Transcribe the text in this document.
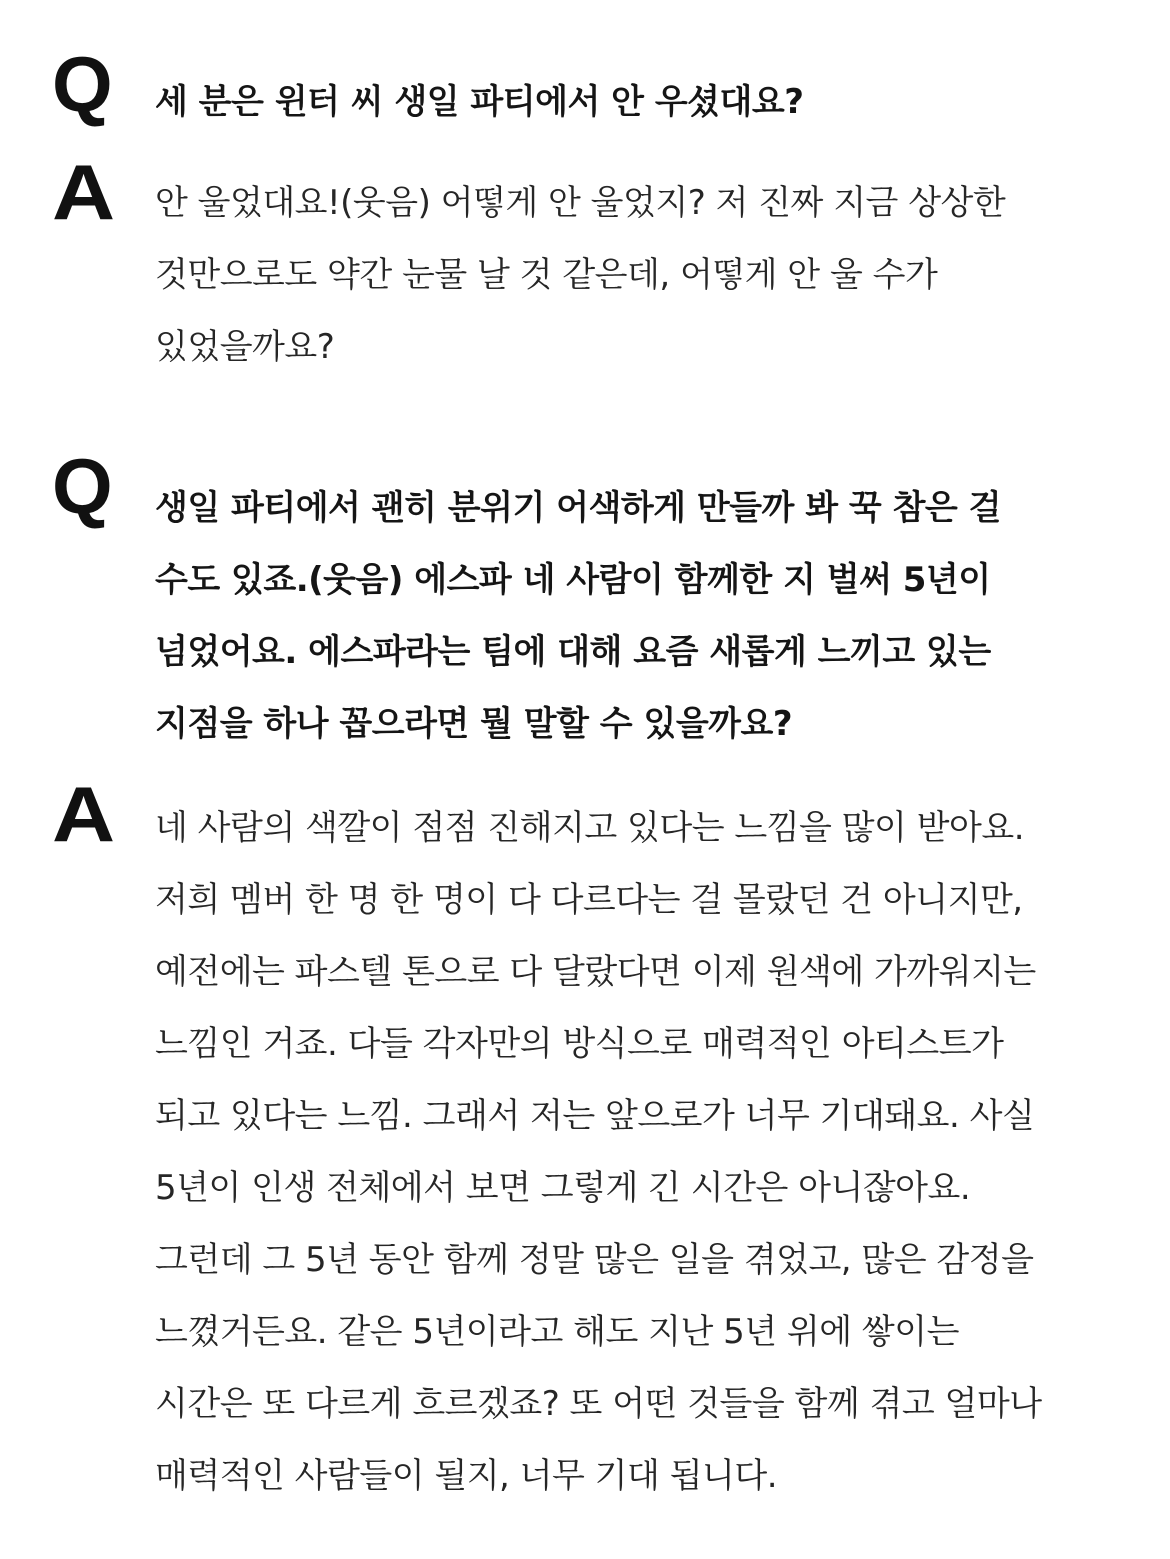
Q 세 분은 윈터 씨 생일 파티에서 안 우셨대요?
A 안 울었대요!(웃음) 어떻게 안 울었지? 저 진짜 지금 상상한
것만으로도 약간 눈물 날 것 같은데, 어떻게 안 울 수가
있었을까요?
Q 생일 파티에서 괜히 분위기 어색하게 만들까 봐 꾹 참은 걸
수도 있죠.(웃음) 에스파 네 사람이 함께한 지 벌써 5년이
넘었어요. 에스파라는 팀에 대해 요즘 새롭게 느끼고 있는
지점을 하나 꼽으라면 뭘 말할 수 있을까요?
A 네 사람의 색깔이 점점 진해지고 있다는 느낌을 많이 받아요.
저희 멤버 한 명 한 명이 다 다르다는 걸 몰랐던 건 아니지만,
예전에는 파스텔 톤으로 다 달랐다면 이제 원색에 가까워지는
느낌인 거죠. 다들 각자만의 방식으로 매력적인 아티스트가
되고 있다는 느낌. 그래서 저는 앞으로가 너무 기대돼요. 사실
5년이 인생 전체에서 보면 그렇게 긴 시간은 아니잖아요.
그런데 그 5년 동안 함께 정말 많은 일을 겪었고, 많은 감정을
느꼈거든요. 같은 5년이라고 해도 지난 5년 위에 쌓이는
시간은 또 다르게 흐르겠죠? 또 어떤 것들을 함께 겪고 얼마나
매력적인 사람들이 될지, 너무 기대 됩니다.
